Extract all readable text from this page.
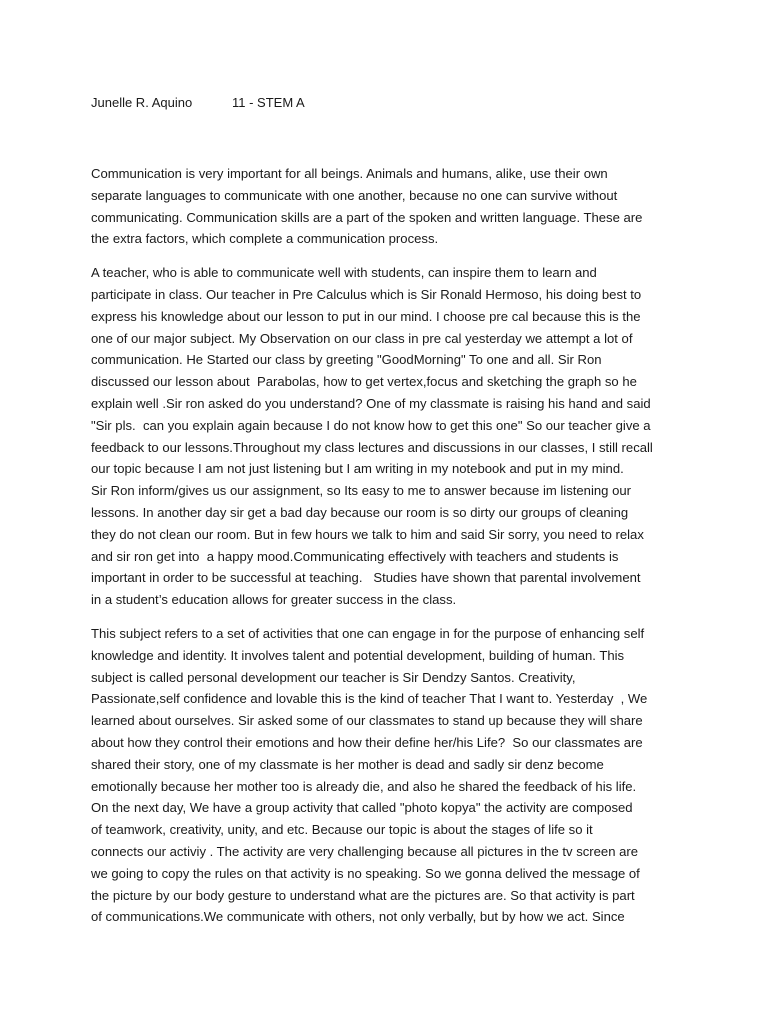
Junelle R. Aquino	11 - STEM A
Communication is very important for all beings. Animals and humans, alike, use their own
separate languages to communicate with one another, because no one can survive without
communicating. Communication skills are a part of the spoken and written language. These are
the extra factors, which complete a communication process.
A teacher, who is able to communicate well with students, can inspire them to learn and
participate in class. Our teacher in Pre Calculus which is Sir Ronald Hermoso, his doing best to
express his knowledge about our lesson to put in our mind. I choose pre cal because this is the
one of our major subject. My Observation on our class in pre cal yesterday we attempt a lot of
communication. He Started our class by greeting "GoodMorning" To one and all. Sir Ron
discussed our lesson about  Parabolas, how to get vertex,focus and sketching the graph so he
explain well .Sir ron asked do you understand? One of my classmate is raising his hand and said
"Sir pls.  can you explain again because I do not know how to get this one" So our teacher give a
feedback to our lessons.Throughout my class lectures and discussions in our classes, I still recall
our topic because I am not just listening but I am writing in my notebook and put in my mind.
Sir Ron inform/gives us our assignment, so Its easy to me to answer because im listening our
lessons. In another day sir get a bad day because our room is so dirty our groups of cleaning
they do not clean our room. But in few hours we talk to him and said Sir sorry, you need to relax
and sir ron get into  a happy mood.Communicating effectively with teachers and students is
important in order to be successful at teaching.   Studies have shown that parental involvement
in a student’s education allows for greater success in the class.
This subject refers to a set of activities that one can engage in for the purpose of enhancing self
knowledge and identity. It involves talent and potential development, building of human. This
subject is called personal development our teacher is Sir Dendzy Santos. Creativity,
Passionate,self confidence and lovable this is the kind of teacher That I want to. Yesterday  , We
learned about ourselves. Sir asked some of our classmates to stand up because they will share
about how they control their emotions and how their define her/his Life?  So our classmates are
shared their story, one of my classmate is her mother is dead and sadly sir denz become
emotionally because her mother too is already die, and also he shared the feedback of his life.
On the next day, We have a group activity that called "photo kopya" the activity are composed
of teamwork, creativity, unity, and etc. Because our topic is about the stages of life so it
connects our activiy . The activity are very challenging because all pictures in the tv screen are
we going to copy the rules on that activity is no speaking. So we gonna delived the message of
the picture by our body gesture to understand what are the pictures are. So that activity is part
of communications.We communicate with others, not only verbally, but by how we act. Since
